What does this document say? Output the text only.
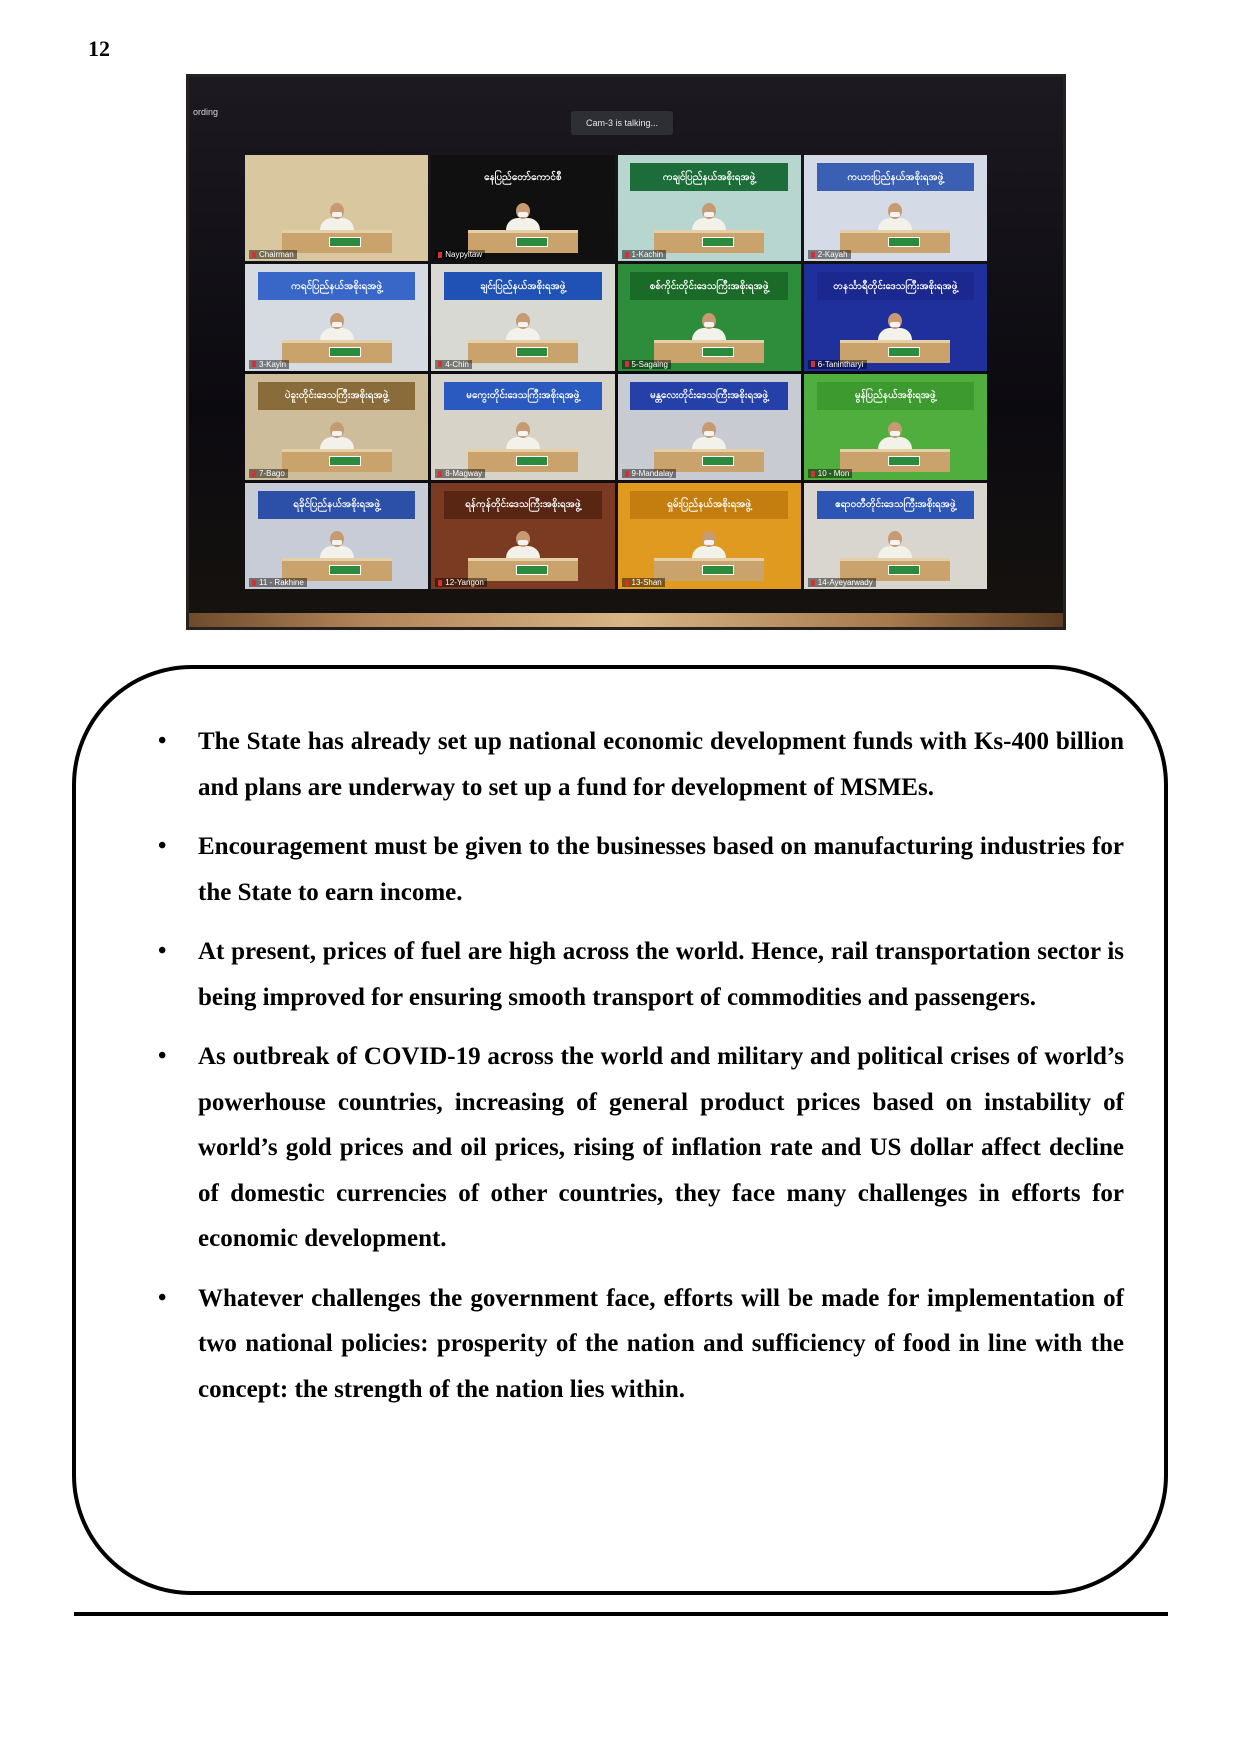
12
ording
Cam-3 is talking...
Chairman
နေပြည်တော်ကောင်စီ
Naypyitaw
ကချင်ပြည်နယ်အစိုးရအဖွဲ့
1-Kachin
ကယားပြည်နယ်အစိုးရအဖွဲ့
2-Kayah
ကရင်ပြည်နယ်အစိုးရအဖွဲ့
3-Kayin
ချင်းပြည်နယ်အစိုးရအဖွဲ့
4-Chin
စစ်ကိုင်းတိုင်းဒေသကြီးအစိုးရအဖွဲ့
5-Sagaing
တနင်္သာရီတိုင်းဒေသကြီးအစိုးရအဖွဲ့
6-Tanintharyi
ပဲခူးတိုင်းဒေသကြီးအစိုးရအဖွဲ့
7-Bago
မကွေးတိုင်းဒေသကြီးအစိုးရအဖွဲ့
8-Magway
မန္တလေးတိုင်းဒေသကြီးအစိုးရအဖွဲ့
9-Mandalay
မွန်ပြည်နယ်အစိုးရအဖွဲ့
10 - Mon
ရခိုင်ပြည်နယ်အစိုးရအဖွဲ့
11 - Rakhine
ရန်ကုန်တိုင်းဒေသကြီးအစိုးရအဖွဲ့
12-Yangon
ရှမ်းပြည်နယ်အစိုးရအဖွဲ့
13-Shan
ဧရာဝတီတိုင်းဒေသကြီးအစိုးရအဖွဲ့
14-Ayeyarwady
•	The State has already set up national economic development funds with Ks-400 billion and plans are underway to set up a fund for development of MSMEs.
•	Encouragement must be given to the businesses based on manufacturing industries for the State to earn income.
•	At present, prices of fuel are high across the world. Hence, rail transportation sector is being improved for ensuring smooth transport of commodities and passengers.
•	As outbreak of COVID-19 across the world and military and political crises of world’s powerhouse countries, increasing of general product prices based on instability of world’s gold prices and oil prices, rising of inflation rate and US dollar affect decline of domestic currencies of other countries, they face many challenges in efforts for economic development.
•	Whatever challenges the government face, efforts will be made for implementation of two national policies: prosperity of the nation and sufficiency of food in line with the concept: the strength of the nation lies within.
